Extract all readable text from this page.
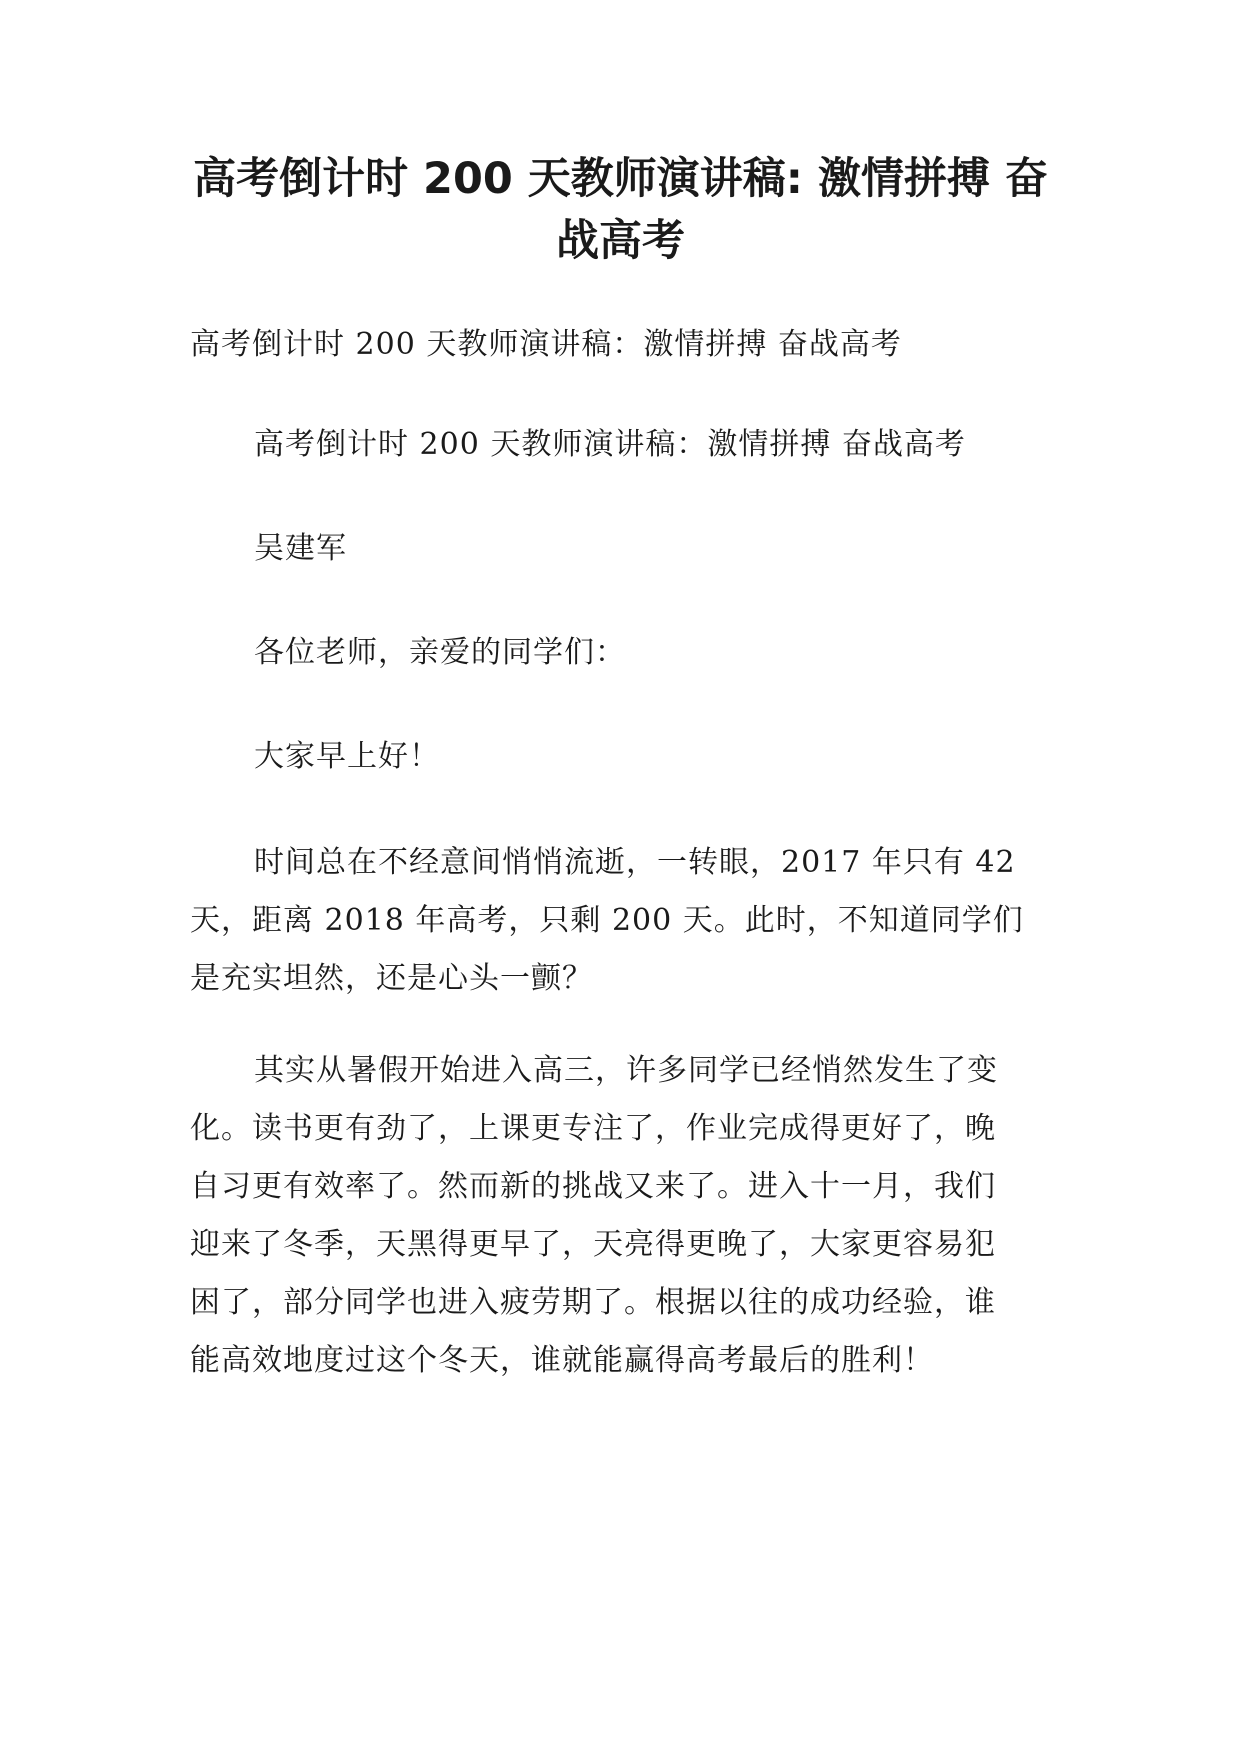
高考倒计时 200 天教师演讲稿: 激情拼搏 奋
战高考

高考倒计时 200 天教师演讲稿：激情拼搏 奋战高考

高考倒计时 200 天教师演讲稿：激情拼搏 奋战高考

吴建军

各位老师，亲爱的同学们：

大家早上好！

时间总在不经意间悄悄流逝，一转眼，2017 年只有 42
天，距离 2018 年高考，只剩 200 天。此时，不知道同学们
是充实坦然，还是心头一颤？

其实从暑假开始进入高三，许多同学已经悄然发生了变
化。读书更有劲了，上课更专注了，作业完成得更好了，晚
自习更有效率了。然而新的挑战又来了。进入十一月，我们
迎来了冬季，天黑得更早了，天亮得更晚了，大家更容易犯
困了，部分同学也进入疲劳期了。根据以往的成功经验，谁
能高效地度过这个冬天，谁就能赢得高考最后的胜利！
